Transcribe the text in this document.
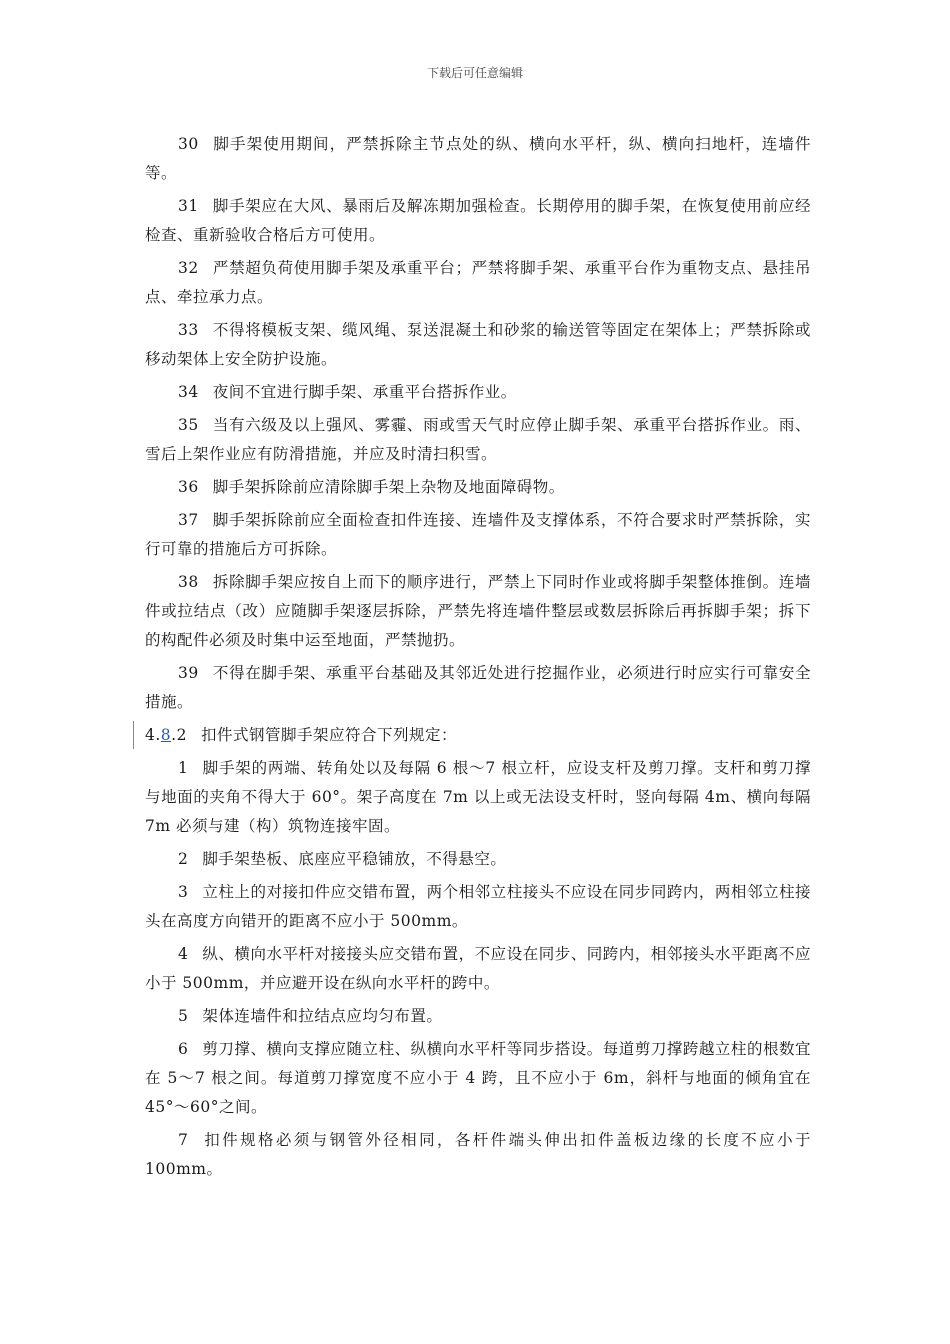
下载后可任意编辑

30 脚手架使用期间，严禁拆除主节点处的纵、横向水平杆，纵、横向扫地杆，连墙件等。

31 脚手架应在大风、暴雨后及解冻期加强检查。长期停用的脚手架，在恢复使用前应经检查、重新验收合格后方可使用。

32 严禁超负荷使用脚手架及承重平台；严禁将脚手架、承重平台作为重物支点、悬挂吊点、牵拉承力点。

33 不得将模板支架、缆风绳、泵送混凝土和砂浆的输送管等固定在架体上；严禁拆除或移动架体上安全防护设施。

34 夜间不宜进行脚手架、承重平台搭拆作业。

35 当有六级及以上强风、雾霾、雨或雪天气时应停止脚手架、承重平台搭拆作业。雨、雪后上架作业应有防滑措施，并应及时清扫积雪。

36 脚手架拆除前应清除脚手架上杂物及地面障碍物。

37 脚手架拆除前应全面检查扣件连接、连墙件及支撑体系，不符合要求时严禁拆除，实行可靠的措施后方可拆除。

38 拆除脚手架应按自上而下的顺序进行，严禁上下同时作业或将脚手架整体推倒。连墙件或拉结点（改）应随脚手架逐层拆除，严禁先将连墙件整层或数层拆除后再拆脚手架；拆下的构配件必须及时集中运至地面，严禁抛扔。

39 不得在脚手架、承重平台基础及其邻近处进行挖掘作业，必须进行时应实行可靠安全措施。

4.8.2 扣件式钢管脚手架应符合下列规定：

1 脚手架的两端、转角处以及每隔 6 根～7 根立杆，应设支杆及剪刀撑。支杆和剪刀撑与地面的夹角不得大于 60°。架子高度在 7m 以上或无法设支杆时，竖向每隔 4m、横向每隔 7m 必须与建（构）筑物连接牢固。

2 脚手架垫板、底座应平稳铺放，不得悬空。

3 立柱上的对接扣件应交错布置，两个相邻立柱接头不应设在同步同跨内，两相邻立柱接头在高度方向错开的距离不应小于 500mm。

4 纵、横向水平杆对接接头应交错布置，不应设在同步、同跨内，相邻接头水平距离不应小于 500mm，并应避开设在纵向水平杆的跨中。

5 架体连墙件和拉结点应均匀布置。

6 剪刀撑、横向支撑应随立柱、纵横向水平杆等同步搭设。每道剪刀撑跨越立柱的根数宜在 5～7 根之间。每道剪刀撑宽度不应小于 4 跨，且不应小于 6m，斜杆与地面的倾角宜在 45°～60°之间。

7 扣件规格必须与钢管外径相同，各杆件端头伸出扣件盖板边缘的长度不应小于 100mm。
